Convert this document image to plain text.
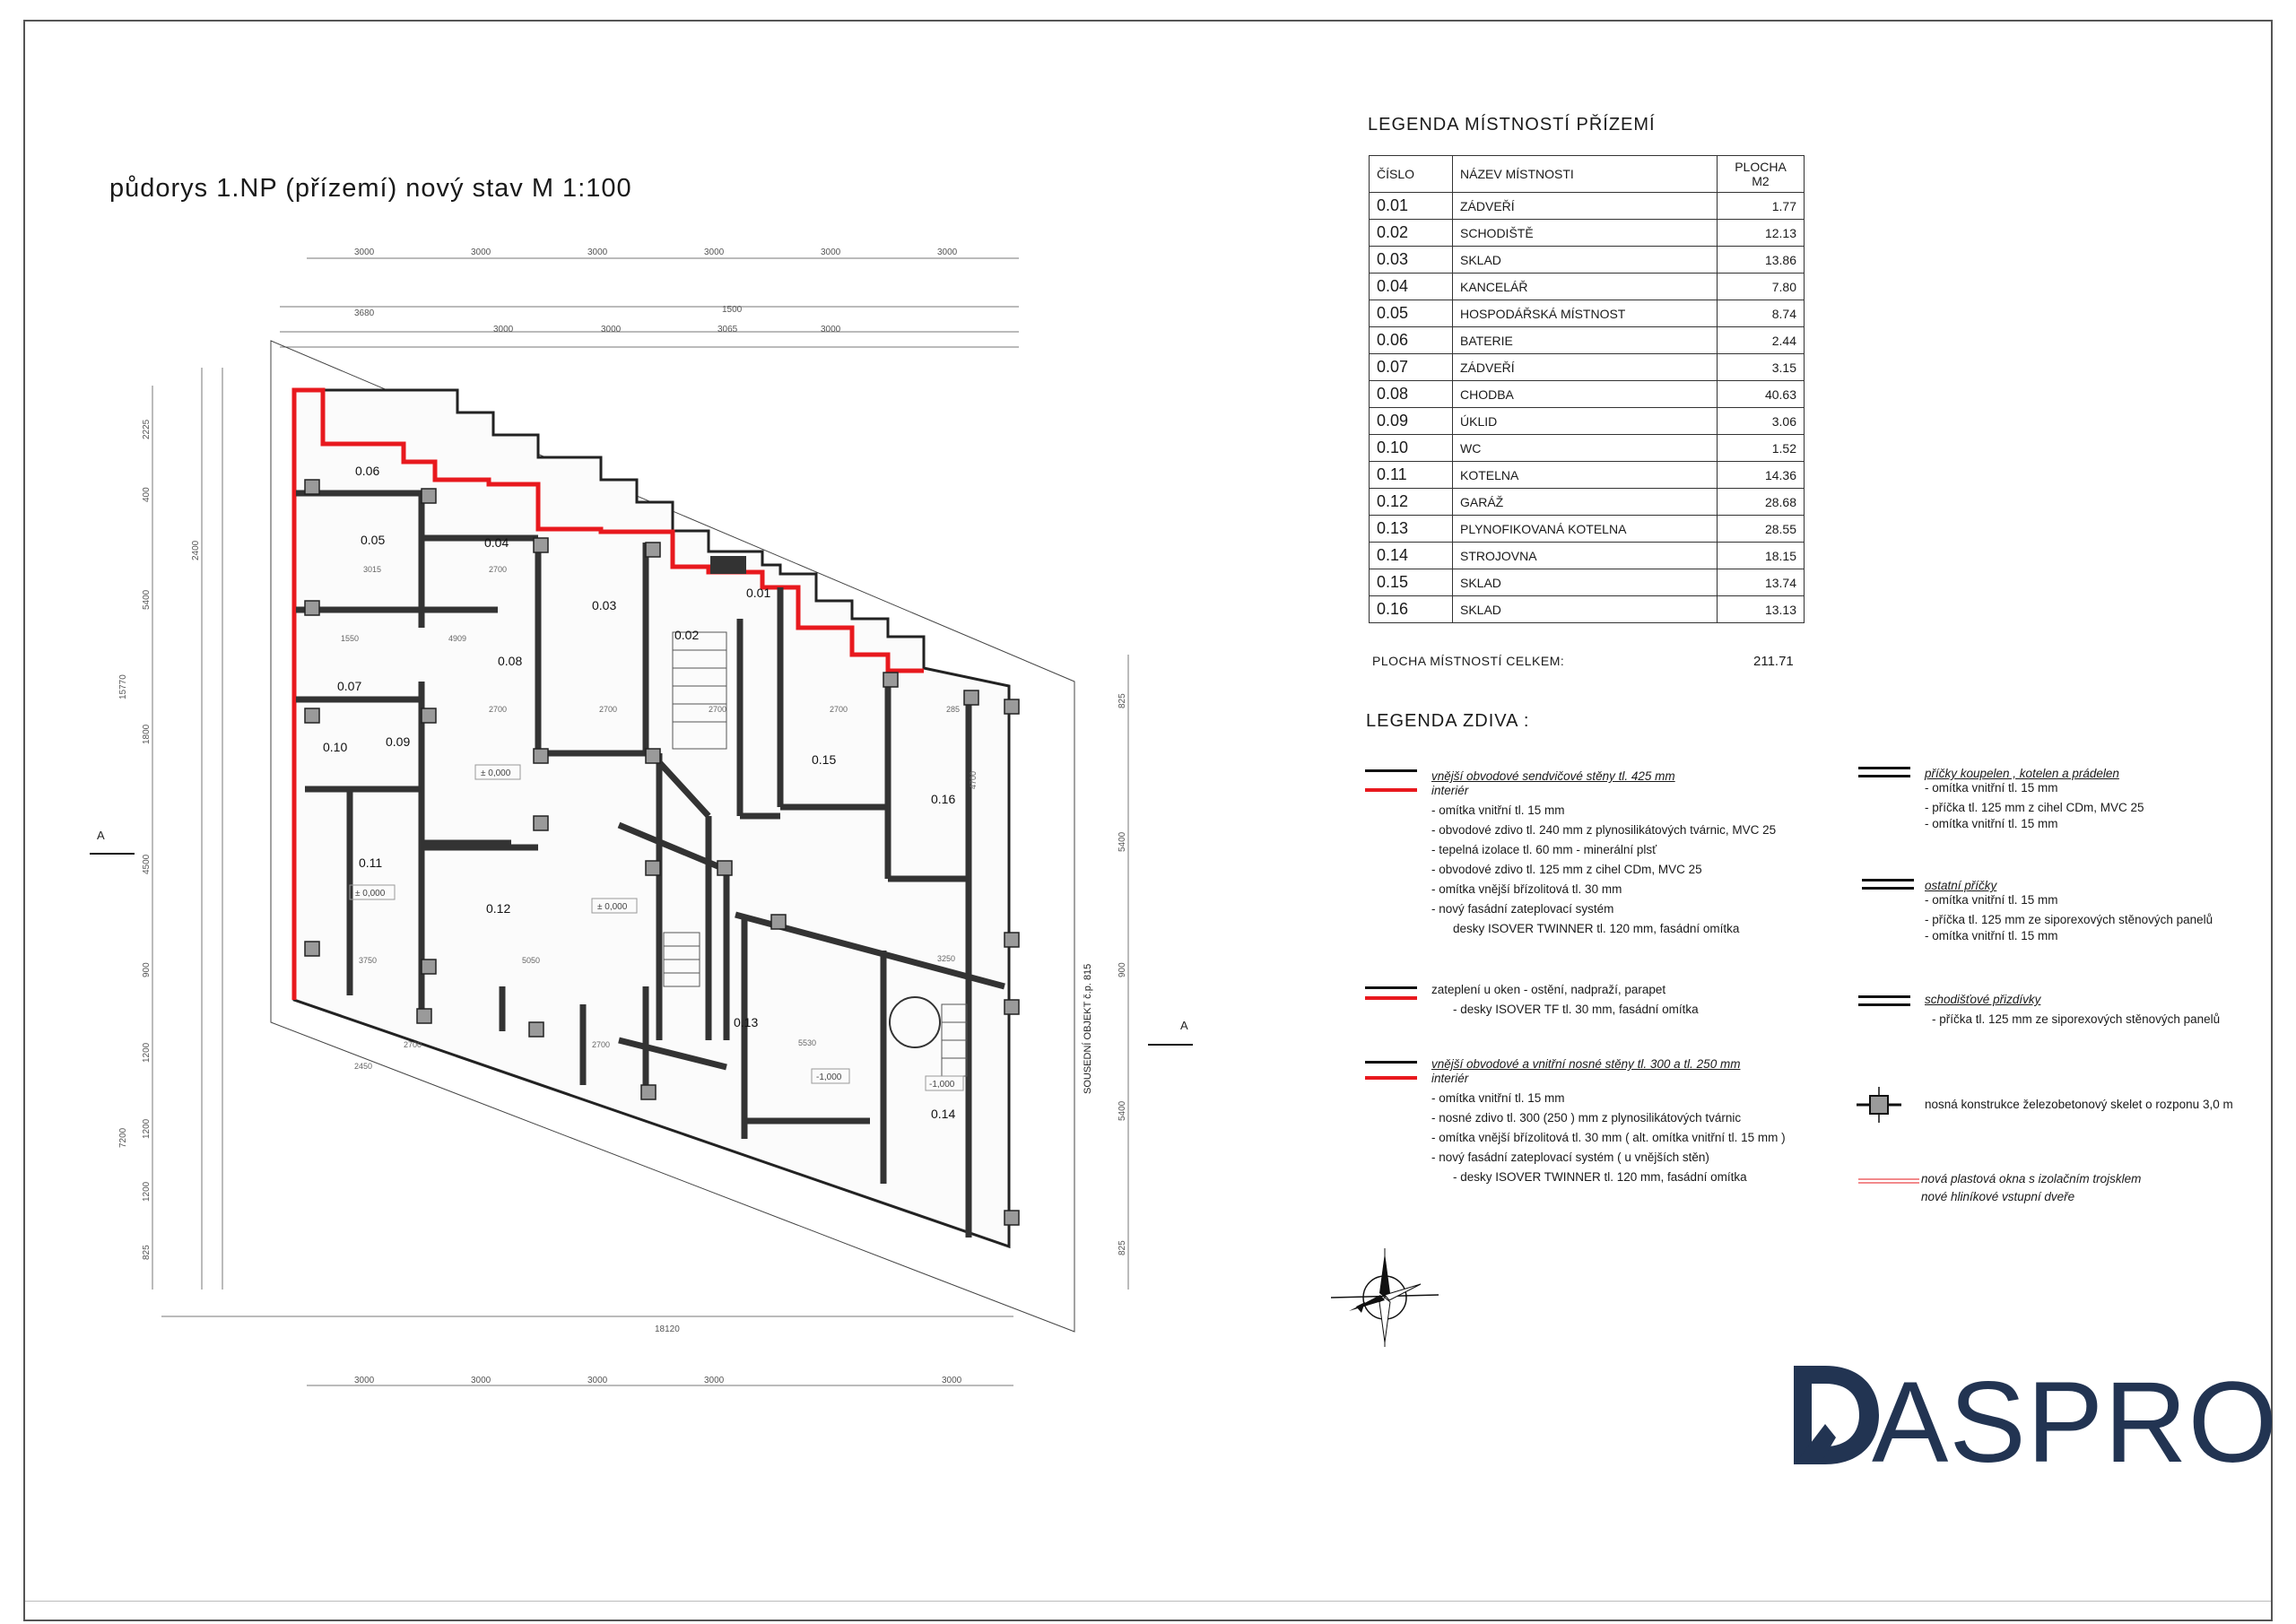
půdorys 1.NP (přízemí) nový stav M 1:100
3000	3000	3000	3000	3000	3000
3680	1500
3000	3000	3065	3000
3000	3000	3000	3000	3000
18120
2225
400
2400
5400
15770
1800
4500
900
1200
7200 1200
1200
825
825
5400
900
5400
825
0.06
0.05	0.04
0.03
0.01
0.02
0.08
0.07
0.10	0.09
0.15
0.16
0.11
0.12
0.13
0.14
± 0,000
± 0,000
± 0,000
-1,000
-1,000
3015	2700
4909
2700	2700	2700
2700	285
4700
3250
3750	5050
2700	5530
2700
2450
1550
A
A
SOUSEDNÍ OBJEKT č.p. 815
LEGENDA MÍSTNOSTÍ PŘÍZEMÍ
ČÍSLO	NÁZEV MÍSTNOSTI	PLOCHA M2
0.01	ZÁDVEŘÍ	1.77
0.02	SCHODIŠTĚ	12.13
0.03	SKLAD	13.86
0.04	KANCELÁŘ	7.80
0.05	HOSPODÁŘSKÁ MÍSTNOST	8.74
0.06	BATERIE	2.44
0.07	ZÁDVEŘÍ	3.15
0.08	CHODBA	40.63
0.09	ÚKLID	3.06
0.10	WC	1.52
0.11	KOTELNA	14.36
0.12	GARÁŽ	28.68
0.13	PLYNOFIKOVANÁ KOTELNA	28.55
0.14	STROJOVNA	18.15
0.15	SKLAD	13.74
0.16	SKLAD	13.13
PLOCHA MÍSTNOSTÍ CELKEM:	211.71
LEGENDA ZDIVA :
vnější obvodové sendvičové stěny tl. 425 mm
interiér
- omítka vnitřní tl. 15 mm
- obvodové zdivo tl. 240 mm z plynosilikátových tvárnic, MVC 25
- tepelná izolace tl. 60 mm - minerální plsť
- obvodové zdivo tl. 125 mm z cihel CDm, MVC 25
- omítka vnější břízolitová tl. 30 mm
- nový fasádní zateplovací systém
desky ISOVER TWINNER tl. 120 mm, fasádní omítka
zateplení u oken - ostění, nadpraží, parapet
- desky ISOVER TF tl. 30 mm, fasádní omítka
vnější obvodové a vnitřní nosné stěny tl. 300 a tl. 250 mm
interiér
- omítka vnitřní tl. 15 mm
- nosné zdivo tl. 300 (250 ) mm z plynosilikátových tvárnic
- omítka vnější břízolitová tl. 30 mm ( alt. omítka vnitřní tl. 15 mm )
- nový fasádní zateplovací systém ( u vnějších stěn)
- desky ISOVER TWINNER tl. 120 mm, fasádní omítka
příčky koupelen , kotelen a prádelen
- omítka vnitřní tl. 15 mm
- příčka tl. 125 mm z cihel CDm, MVC 25
- omítka vnitřní tl. 15 mm
ostatní příčky
- omítka vnitřní tl. 15 mm
- příčka tl. 125 mm ze siporexových stěnových panelů
- omítka vnitřní tl. 15 mm
schodišťové přizdívky
- příčka tl. 125 mm ze siporexových stěnových panelů
nosná konstrukce železobetonový skelet o rozponu 3,0 m
nová plastová okna s izolačním trojsklem
nové hliníkové vstupní dveře
ASPRO
